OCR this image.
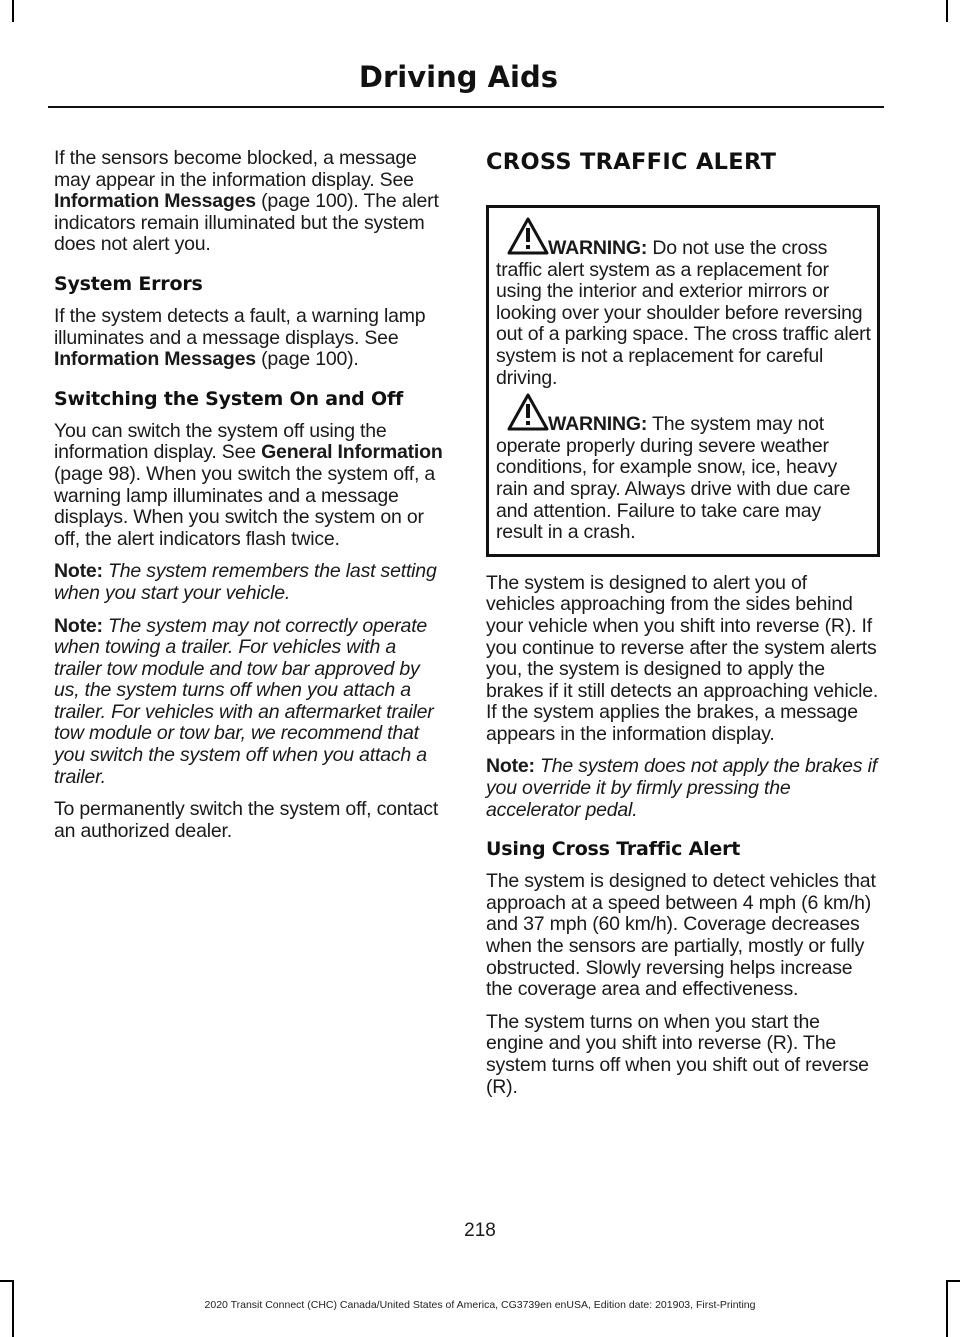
Driving Aids

If the sensors become blocked, a message may appear in the information display. See Information Messages (page 100). The alert indicators remain illuminated but the system does not alert you.

System Errors

If the system detects a fault, a warning lamp illuminates and a message displays. See Information Messages (page 100).

Switching the System On and Off

You can switch the system off using the information display. See General Information (page 98). When you switch the system off, a warning lamp illuminates and a message displays. When you switch the system on or off, the alert indicators flash twice.

Note: The system remembers the last setting when you start your vehicle.

Note: The system may not correctly operate when towing a trailer. For vehicles with a trailer tow module and tow bar approved by us, the system turns off when you attach a trailer. For vehicles with an aftermarket trailer tow module or tow bar, we recommend that you switch the system off when you attach a trailer.

To permanently switch the system off, contact an authorized dealer.

CROSS TRAFFIC ALERT
WARNING: Do not use the cross traffic alert system as a replacement for using the interior and exterior mirrors or looking over your shoulder before reversing out of a parking space. The cross traffic alert system is not a replacement for careful driving.
WARNING: The system may not operate properly during severe weather conditions, for example snow, ice, heavy rain and spray. Always drive with due care and attention. Failure to take care may result in a crash.

The system is designed to alert you of vehicles approaching from the sides behind your vehicle when you shift into reverse (R). If you continue to reverse after the system alerts you, the system is designed to apply the brakes if it still detects an approaching vehicle. If the system applies the brakes, a message appears in the information display.

Note: The system does not apply the brakes if you override it by firmly pressing the accelerator pedal.

Using Cross Traffic Alert

The system is designed to detect vehicles that approach at a speed between 4 mph (6 km/h) and 37 mph (60 km/h). Coverage decreases when the sensors are partially, mostly or fully obstructed. Slowly reversing helps increase the coverage area and effectiveness.

The system turns on when you start the engine and you shift into reverse (R). The system turns off when you shift out of reverse (R).

218
2020 Transit Connect (CHC) Canada/United States of America, CG3739en enUSA, Edition date: 201903, First-Printing
